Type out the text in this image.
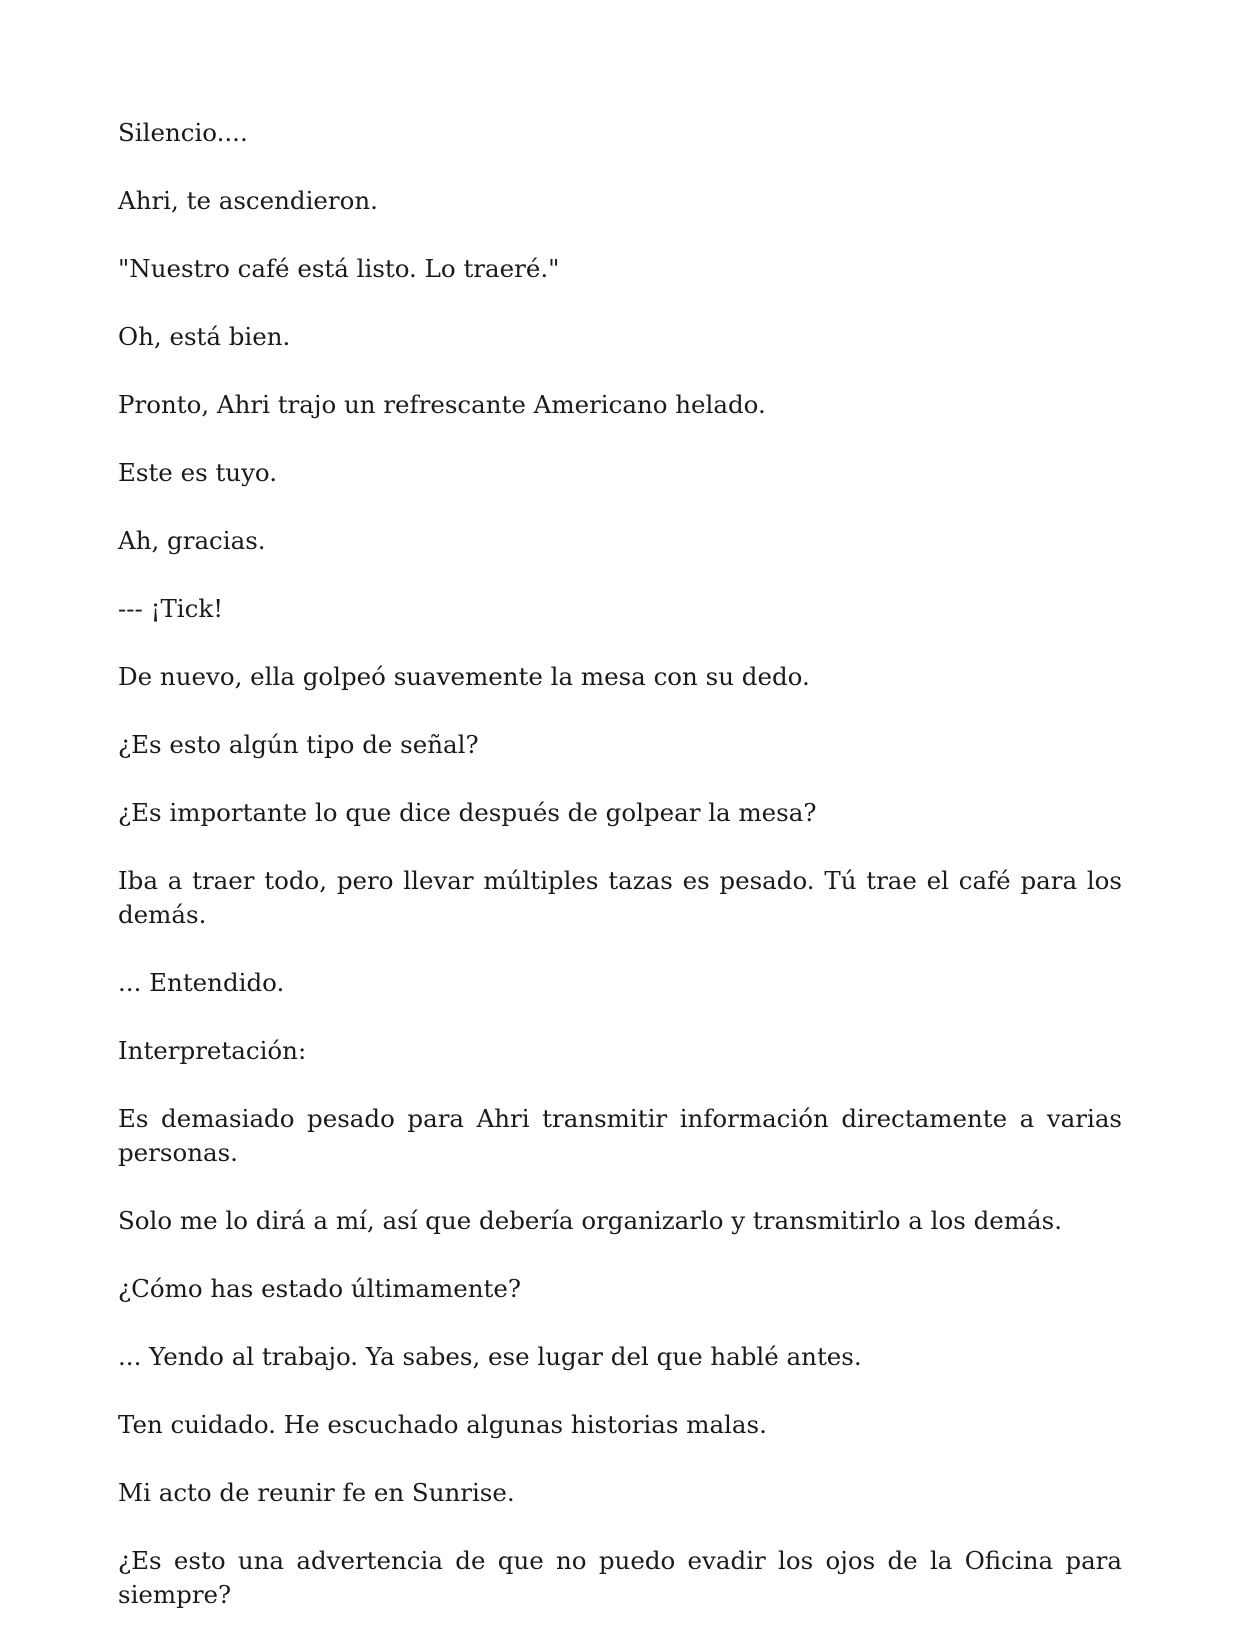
Silencio....

Ahri, te ascendieron.

"Nuestro café está listo. Lo traeré."

Oh, está bien.

Pronto, Ahri trajo un refrescante Americano helado.

Este es tuyo.

Ah, gracias.

--- ¡Tick!

De nuevo, ella golpeó suavemente la mesa con su dedo.

¿Es esto algún tipo de señal?

¿Es importante lo que dice después de golpear la mesa?

Iba a traer todo, pero llevar múltiples tazas es pesado. Tú trae el café para los demás.

... Entendido.

Interpretación:

Es demasiado pesado para Ahri transmitir información directamente a varias personas.

Solo me lo dirá a mí, así que debería organizarlo y transmitirlo a los demás.

¿Cómo has estado últimamente?

... Yendo al trabajo. Ya sabes, ese lugar del que hablé antes.

Ten cuidado. He escuchado algunas historias malas.

Mi acto de reunir fe en Sunrise.

¿Es esto una advertencia de que no puedo evadir los ojos de la Oficina para siempre?
